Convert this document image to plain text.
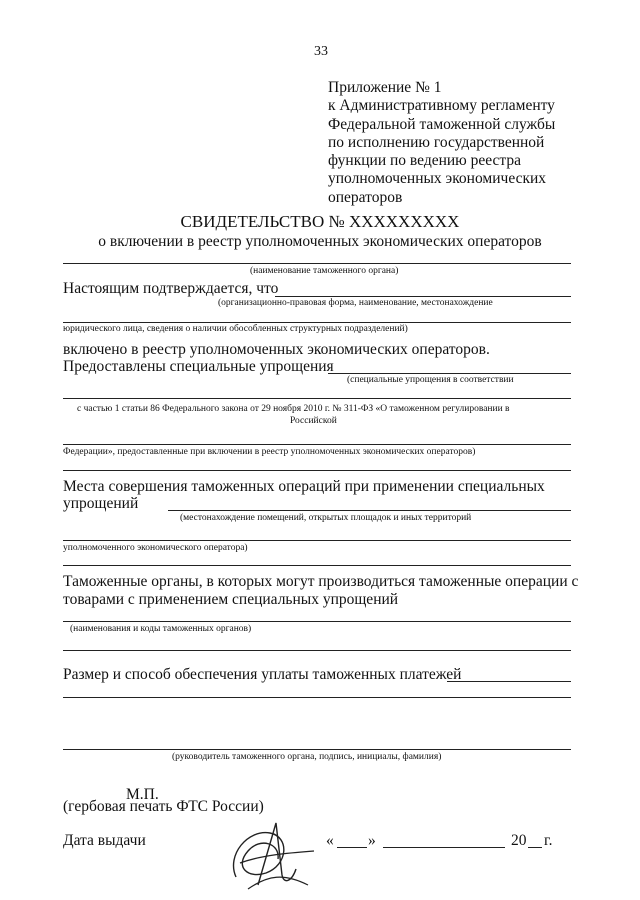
33
Приложение № 1
к Административному регламенту
Федеральной таможенной службы
по исполнению государственной
функции по ведению реестра
уполномоченных экономических
операторов
СВИДЕТЕЛЬСТВО № XXXXXXXXX
о включении в реестр уполномоченных экономических операторов
(наименование таможенного органа)
Настоящим подтверждается, что
(организационно-правовая форма, наименование, местонахождение
юридического лица, сведения о наличии обособленных структурных подразделений)
включено в реестр уполномоченных экономических операторов.
Предоставлены специальные упрощения
(специальные упрощения в соответствии
с частью 1 статьи 86 Федерального закона от 29 ноября 2010 г. № 311-ФЗ «О таможенном регулировании в
Российской
Федерации», предоставленные при включении в реестр уполномоченных экономических операторов)
Места совершения таможенных операций при применении специальных
упрощений
(местонахождение помещений, открытых площадок и иных территорий
уполномоченного экономического оператора)
Таможенные органы, в которых могут производиться таможенные операции с
товарами с применением специальных упрощений
(наименования и коды таможенных органов)
Размер и способ обеспечения уплаты таможенных платежей
(руководитель таможенного органа, подпись, инициалы, фамилия)
М.П.
(гербовая печать ФТС России)
Дата выдачи	« »	20 г.
